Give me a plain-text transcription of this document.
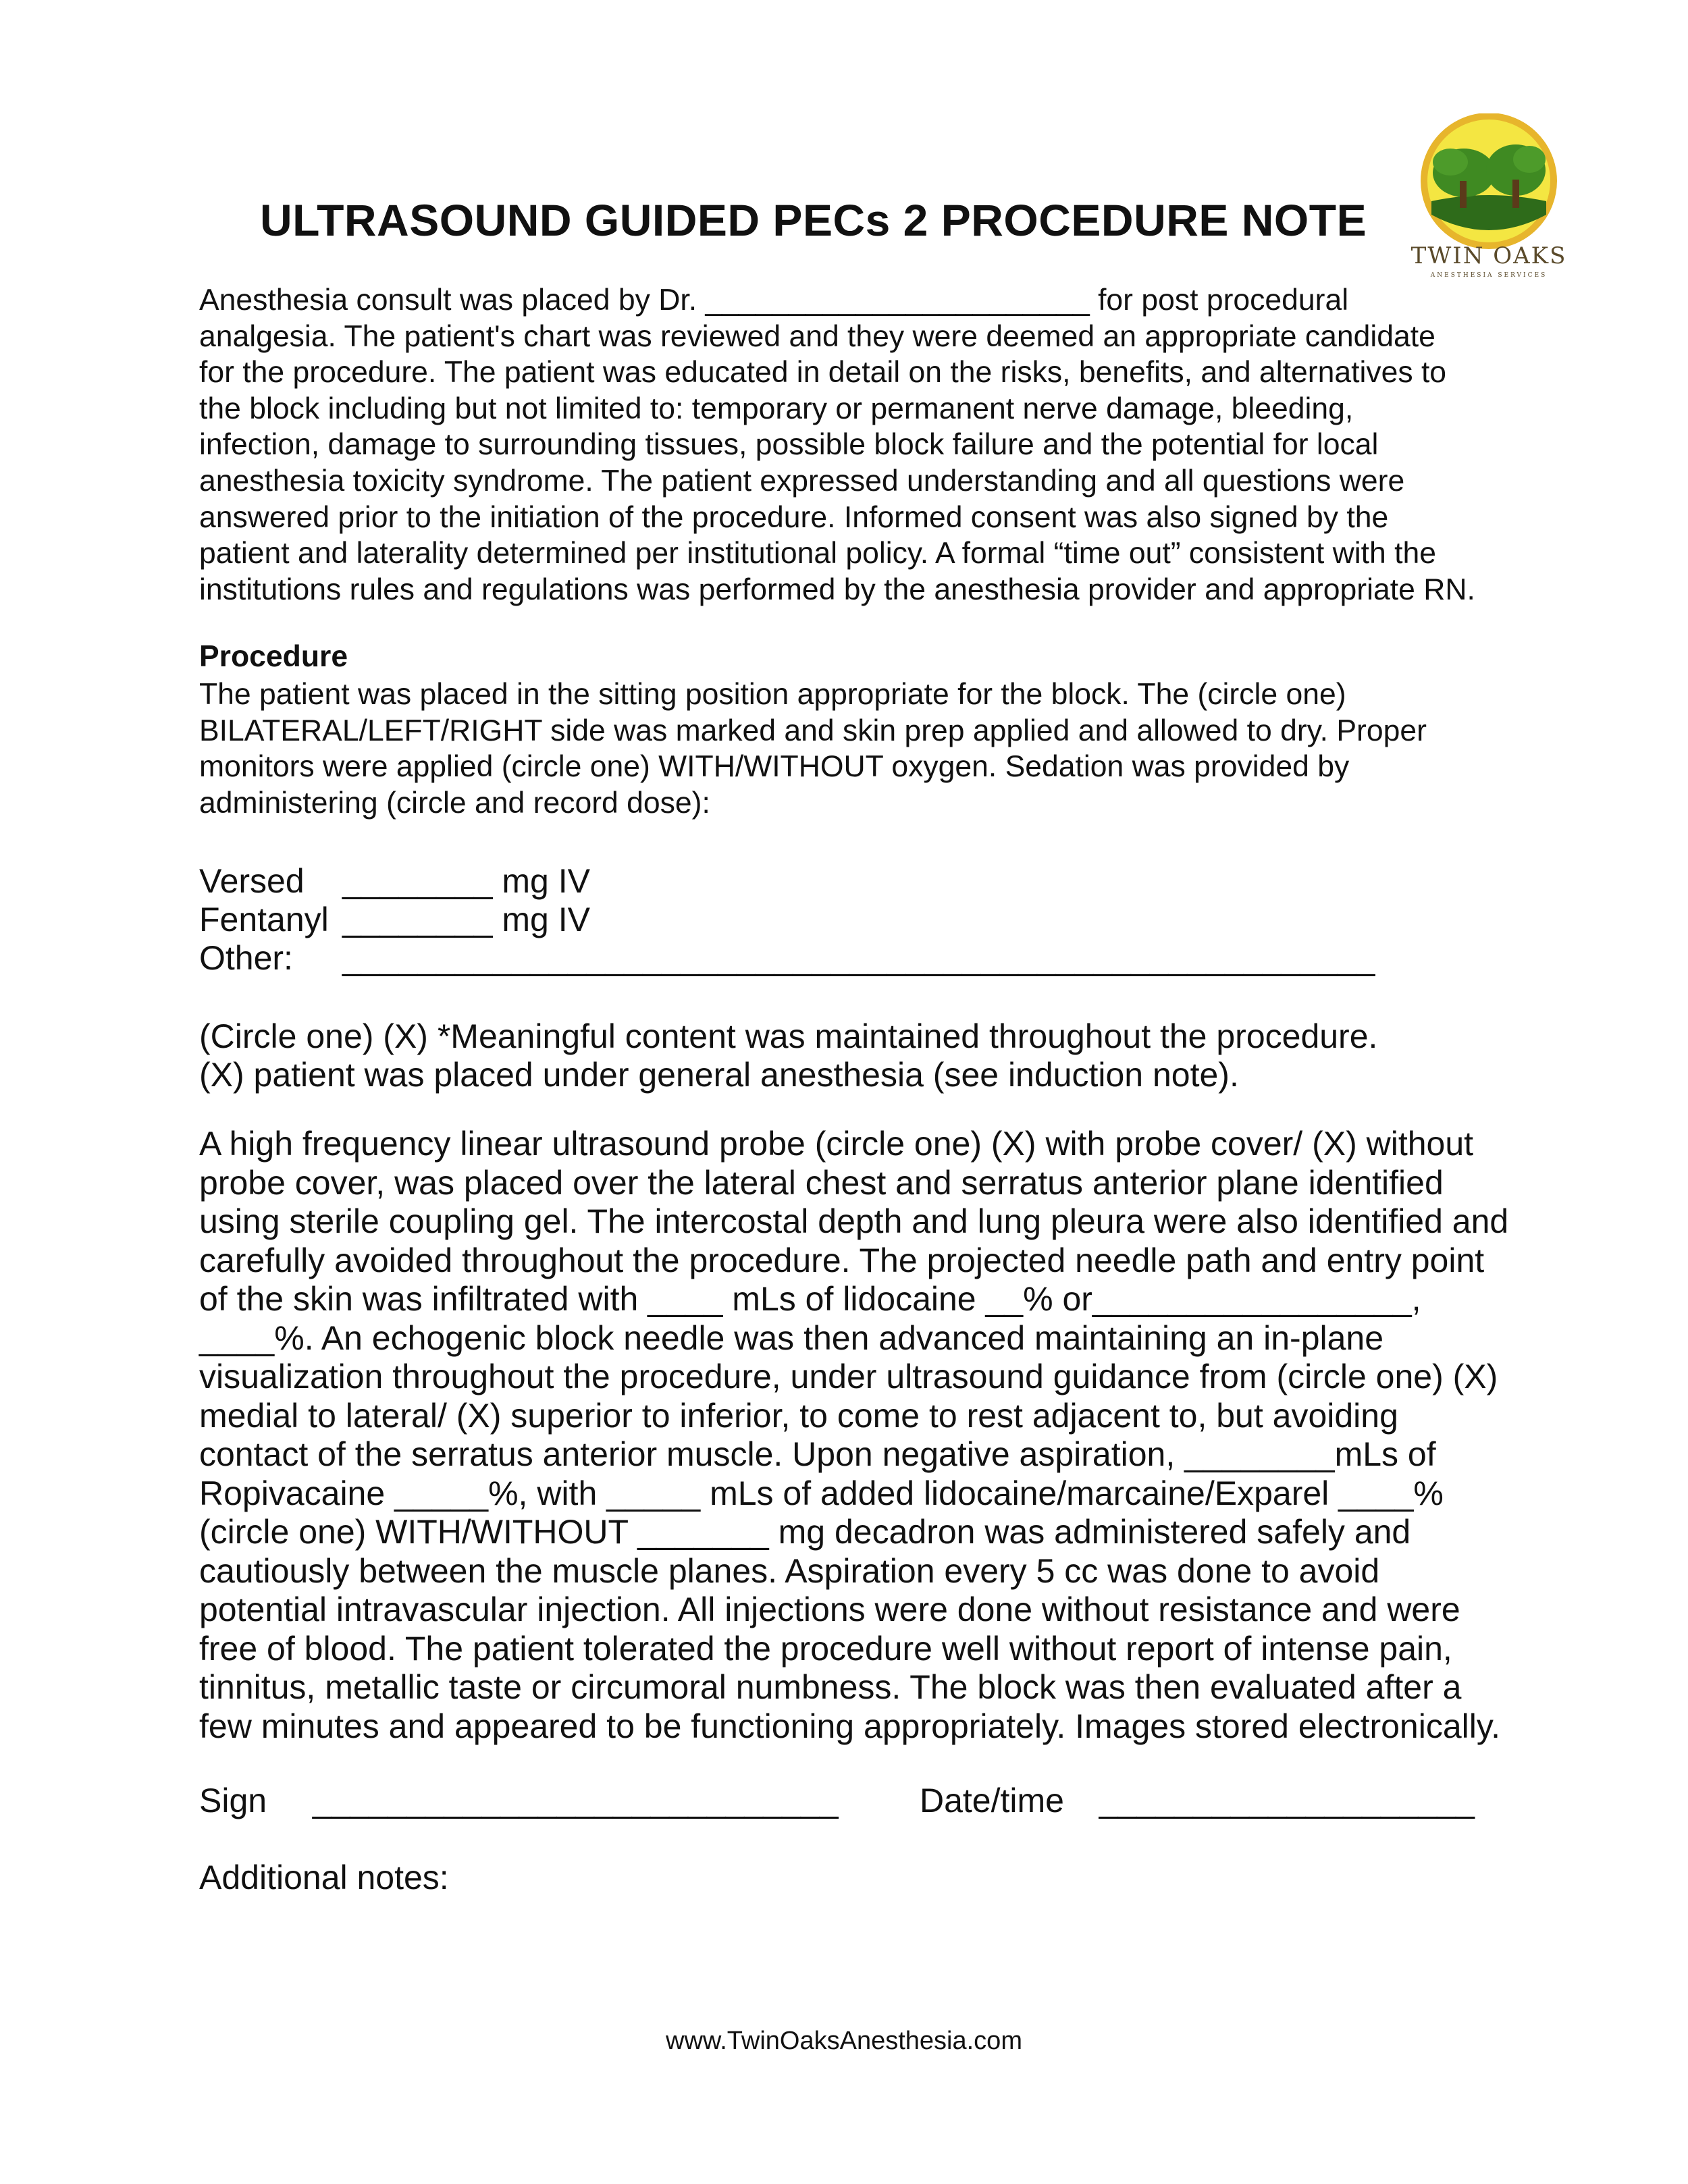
TWIN OAKS
ANESTHESIA SERVICES
ULTRASOUND GUIDED PECs 2 PROCEDURE NOTE
Anesthesia consult was placed by Dr. _______________________ for post procedural
analgesia. The patient's chart was reviewed and they were deemed an appropriate candidate
for the procedure. The patient was educated in detail on the risks, benefits, and alternatives to
the block including but not limited to: temporary or permanent nerve damage, bleeding,
infection, damage to surrounding tissues, possible block failure and the potential for local
anesthesia toxicity syndrome. The patient expressed understanding and all questions were
answered prior to the initiation of the procedure. Informed consent was also signed by the
patient and laterality determined per institutional policy. A formal “time out” consistent with the
institutions rules and regulations was performed by the anesthesia provider and appropriate RN.
Procedure
The patient was placed in the sitting position appropriate for the block. The (circle one)
BILATERAL/LEFT/RIGHT side was marked and skin prep applied and allowed to dry. Proper
monitors were applied (circle one) WITH/WITHOUT oxygen. Sedation was provided by
administering (circle and record dose):
Versed ________ mg IV
Fentanyl ________ mg IV
Other: _______________________________________________________
(Circle one) (X) *Meaningful content was maintained throughout the procedure.
(X) patient was placed under general anesthesia (see induction note).
A high frequency linear ultrasound probe (circle one) (X) with probe cover/ (X) without
probe cover, was placed over the lateral chest and serratus anterior plane identified
using sterile coupling gel. The intercostal depth and lung pleura were also identified and
carefully avoided throughout the procedure. The projected needle path and entry point
of the skin was infiltrated with ____ mLs of lidocaine __% or_________________,
____%. An echogenic block needle was then advanced maintaining an in-plane
visualization throughout the procedure, under ultrasound guidance from (circle one) (X)
medial to lateral/ (X) superior to inferior, to come to rest adjacent to, but avoiding
contact of the serratus anterior muscle. Upon negative aspiration, ________mLs of
Ropivacaine _____%, with _____ mLs of added lidocaine/marcaine/Exparel ____%
(circle one) WITH/WITHOUT _______ mg decadron was administered safely and
cautiously between the muscle planes. Aspiration every 5 cc was done to avoid
potential intravascular injection. All injections were done without resistance and were
free of blood. The patient tolerated the procedure well without report of intense pain,
tinnitus, metallic taste or circumoral numbness. The block was then evaluated after a
few minutes and appeared to be functioning appropriately. Images stored electronically.
Sign ____________________________ Date/time ____________________
Additional notes:
www.TwinOaksAnesthesia.com
